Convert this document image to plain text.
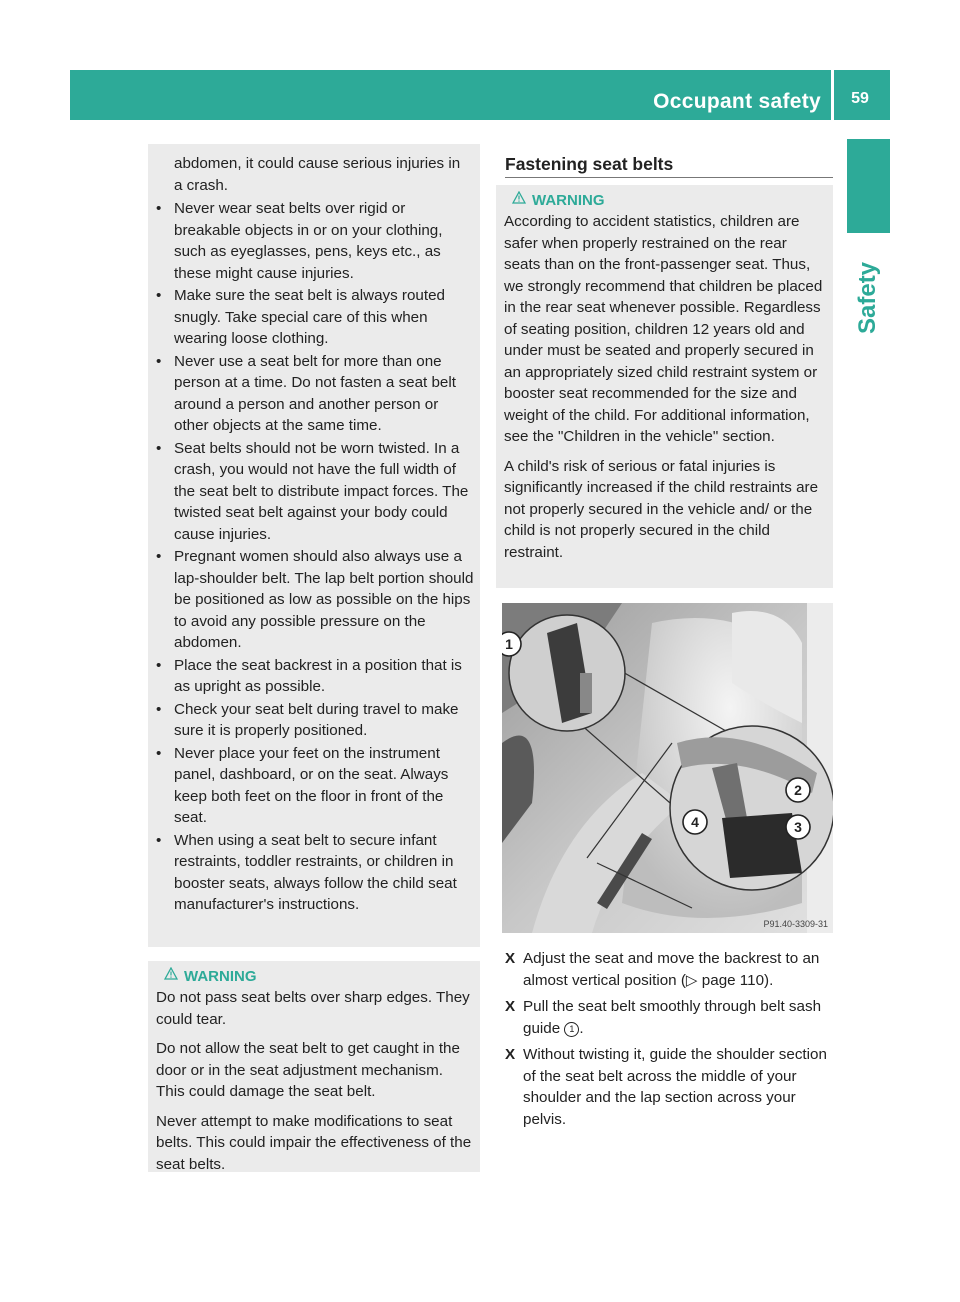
Occupant safety	59
Safety
abdomen, it could cause serious injuries in
a crash.
• Never wear seat belts over rigid or breakable objects in or on your clothing, such as eyeglasses, pens, keys etc., as these might cause injuries.
• Make sure the seat belt is always routed snugly. Take special care of this when wearing loose clothing.
• Never use a seat belt for more than one person at a time. Do not fasten a seat belt around a person and another person or other objects at the same time.
• Seat belts should not be worn twisted. In a crash, you would not have the full width of the seat belt to distribute impact forces. The twisted seat belt against your body could cause injuries.
• Pregnant women should also always use a lap-shoulder belt. The lap belt portion should be positioned as low as possible on the hips to avoid any possible pressure on the abdomen.
• Place the seat backrest in a position that is as upright as possible.
• Check your seat belt during travel to make sure it is properly positioned.
• Never place your feet on the instrument panel, dashboard, or on the seat. Always keep both feet on the floor in front of the seat.
• When using a seat belt to secure infant restraints, toddler restraints, or children in booster seats, always follow the child seat manufacturer's instructions.
WARNING

Do not pass seat belts over sharp edges. They could tear.

Do not allow the seat belt to get caught in the door or in the seat adjustment mechanism. This could damage the seat belt.

Never attempt to make modifications to seat belts. This could impair the effectiveness of the seat belts.

Fastening seat belts
WARNING

According to accident statistics, children are safer when properly restrained on the rear seats than on the front-passenger seat. Thus, we strongly recommend that children be placed in the rear seat whenever possible. Regardless of seating position, children 12 years old and under must be seated and properly secured in an appropriately sized child restraint system or booster seat recommended for the size and weight of the child. For additional information, see the "Children in the vehicle" section.

A child's risk of serious or fatal injuries is significantly increased if the child restraints are not properly secured in the vehicle and/ or the child is not properly secured in the child restraint.

1
2
3
4
P91.40-3309-31
X Adjust the seat and move the backrest to an almost vertical position (▷ page 110).
X Pull the seat belt smoothly through belt sash guide 1 .
X Without twisting it, guide the shoulder section of the seat belt across the middle of your shoulder and the lap section across your pelvis.
